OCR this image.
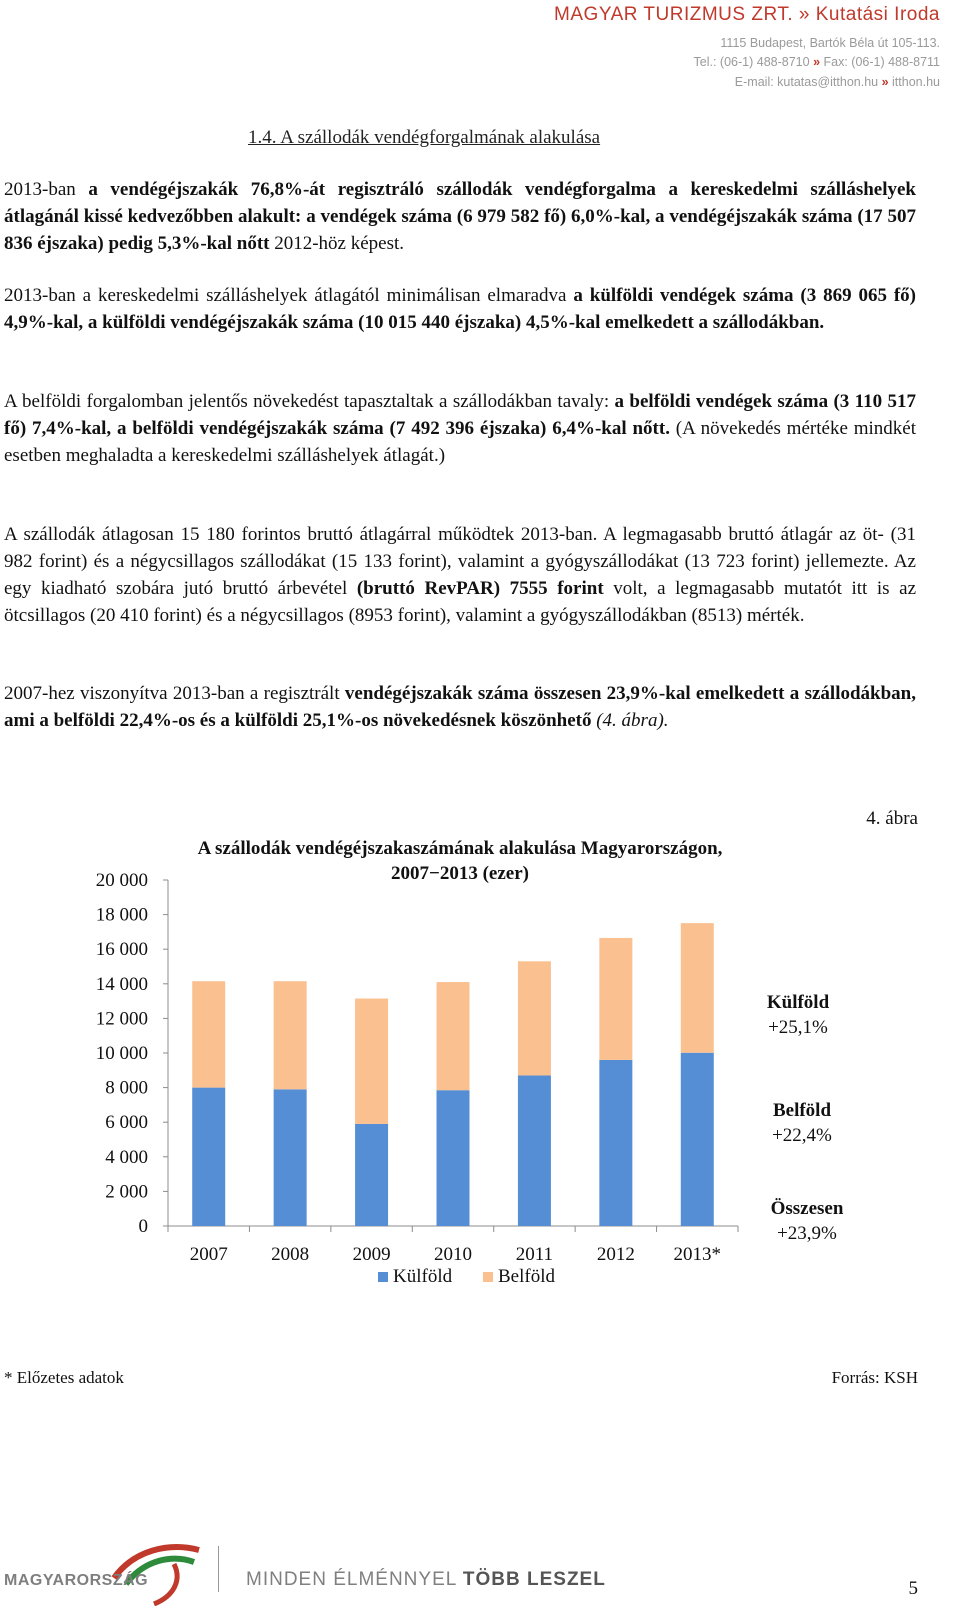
MAGYAR TURIZMUS ZRT. » Kutatási Iroda
1115 Budapest, Bartók Béla út 105-113.
Tel.: (06-1) 488-8710 » Fax: (06-1) 488-8711
E-mail: kutatas@itthon.hu » itthon.hu
1.4. A szállodák vendégforgalmának alakulása

2013-ban a vendégéjszakák 76,8%-át regisztráló szállodák vendégforgalma a kereskedelmi szálláshelyek átlagánál kissé kedvezőbben alakult: a vendégek száma (6 979 582 fő) 6,0%-kal, a vendégéjszakák száma (17 507 836 éjszaka) pedig 5,3%-kal nőtt 2012-höz képest.

2013-ban a kereskedelmi szálláshelyek átlagától minimálisan elmaradva a külföldi vendégek száma (3 869 065 fő) 4,9%-kal, a külföldi vendégéjszakák száma (10 015 440 éjszaka) 4,5%-kal emelkedett a szállodákban.

A belföldi forgalomban jelentős növekedést tapasztaltak a szállodákban tavaly: a belföldi vendégek száma (3 110 517 fő) 7,4%-kal, a belföldi vendégéjszakák száma (7 492 396 éjszaka) 6,4%-kal nőtt. (A növekedés mértéke mindkét esetben meghaladta a kereskedelmi szálláshelyek átlagát.)

A szállodák átlagosan 15 180 forintos bruttó átlagárral működtek 2013-ban. A legmagasabb bruttó átlagár az öt- (31 982 forint) és a négycsillagos szállodákat (15 133 forint), valamint a gyógyszállodákat (13 723 forint) jellemezte. Az egy kiadható szobára jutó bruttó árbevétel (bruttó RevPAR) 7555 forint volt, a legmagasabb mutatót itt is az ötcsillagos (20 410 forint) és a négycsillagos (8953 forint), valamint a gyógyszállodákban (8513) mérték.

2007-hez viszonyítva 2013-ban a regisztrált vendégéjszakák száma összesen 23,9%-kal emelkedett a szállodákban, ami a belföldi 22,4%-os és a külföldi 25,1%-os növekedésnek köszönhető (4. ábra).

4. ábra
A szállodák vendégéjszakaszámának alakulása Magyarországon,
2007−2013 (ezer)
0
2 000
4 000
6 000
8 000
10 000
12 000
14 000
16 000
18 000
20 000
2007 2008 2009 2010 2011 2012 2013*
Külföld Belföld
Külföld
+25,1%
Belföld
+22,4%
Összesen
+23,9%
* Előzetes adatok	Forrás: KSH
MAGYARORSZÁG	MINDEN ÉLMÉNNYEL TÖBB LESZEL	5
